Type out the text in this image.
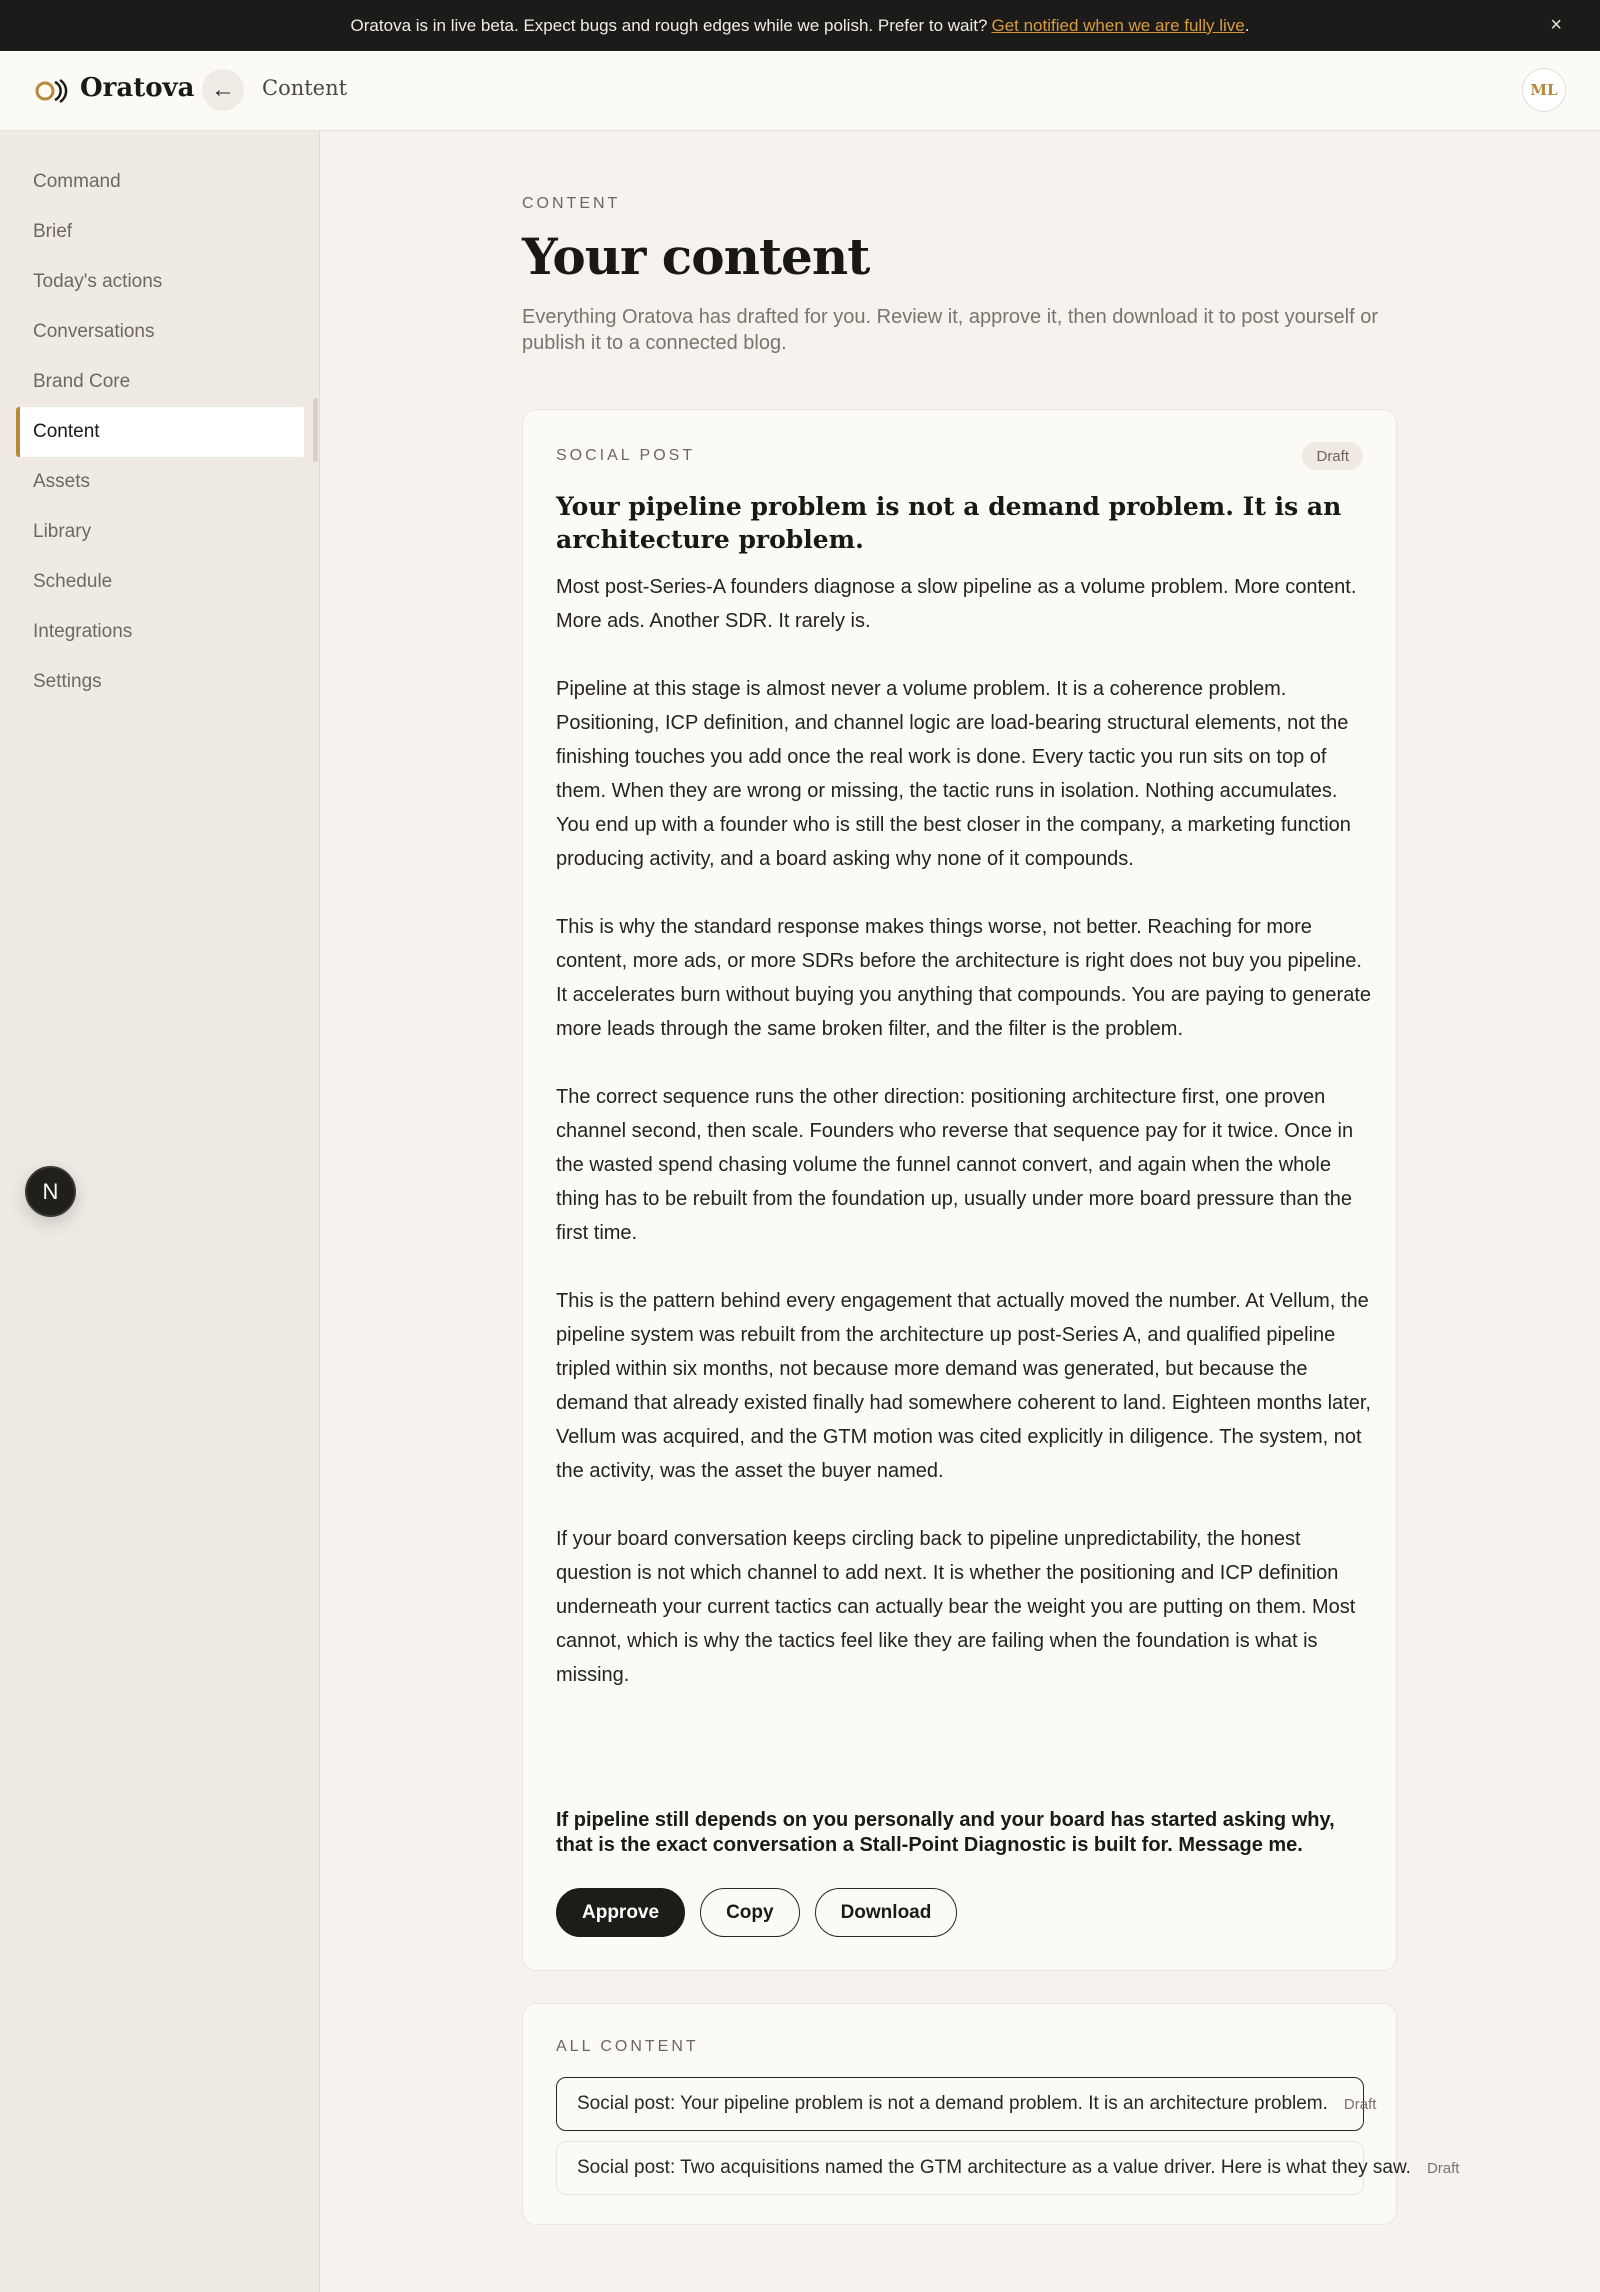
Oratova is in live beta. Expect bugs and rough edges while we polish. Prefer to wait? Get notified when we are fully live .	×
Oratova ← Content	ML
Command
Brief
Today's actions
Conversations
Brand Core
Content
Assets
Library
Schedule
Integrations
Settings
N
CONTENT
Your content
Everything Oratova has drafted for you. Review it, approve it, then download it to post yourself or publish it to a connected blog.
SOCIAL POST	Draft
Your pipeline problem is not a demand problem. It is an architecture problem.

Most post-Series-A founders diagnose a slow pipeline as a volume problem. More content. More ads. Another SDR. It rarely is.

Pipeline at this stage is almost never a volume problem. It is a coherence problem. Positioning, ICP definition, and channel logic are load-bearing structural elements, not the finishing touches you add once the real work is done. Every tactic you run sits on top of them. When they are wrong or missing, the tactic runs in isolation. Nothing accumulates. You end up with a founder who is still the best closer in the company, a marketing function producing activity, and a board asking why none of it compounds.

This is why the standard response makes things worse, not better. Reaching for more content, more ads, or more SDRs before the architecture is right does not buy you pipeline. It accelerates burn without buying you anything that compounds. You are paying to generate more leads through the same broken filter, and the filter is the problem.

The correct sequence runs the other direction: positioning architecture first, one proven channel second, then scale. Founders who reverse that sequence pay for it twice. Once in the wasted spend chasing volume the funnel cannot convert, and again when the whole thing has to be rebuilt from the foundation up, usually under more board pressure than the first time.

This is the pattern behind every engagement that actually moved the number. At Vellum, the pipeline system was rebuilt from the architecture up post-Series A, and qualified pipeline tripled within six months, not because more demand was generated, but because the demand that already existed finally had somewhere coherent to land. Eighteen months later, Vellum was acquired, and the GTM motion was cited explicitly in diligence. The system, not the activity, was the asset the buyer named.

If your board conversation keeps circling back to pipeline unpredictability, the honest question is not which channel to add next. It is whether the positioning and ICP definition underneath your current tactics can actually bear the weight you are putting on them. Most cannot, which is why the tactics feel like they are failing when the foundation is what is missing.

If pipeline still depends on you personally and your board has started asking why, that is the exact conversation a Stall-Point Diagnostic is built for. Message me.
Approve	Copy	Download
ALL CONTENT
Social post: Your pipeline problem is not a demand problem. It is an architecture problem. Draft
Social post: Two acquisitions named the GTM architecture as a value driver. Here is what they saw. Draft
